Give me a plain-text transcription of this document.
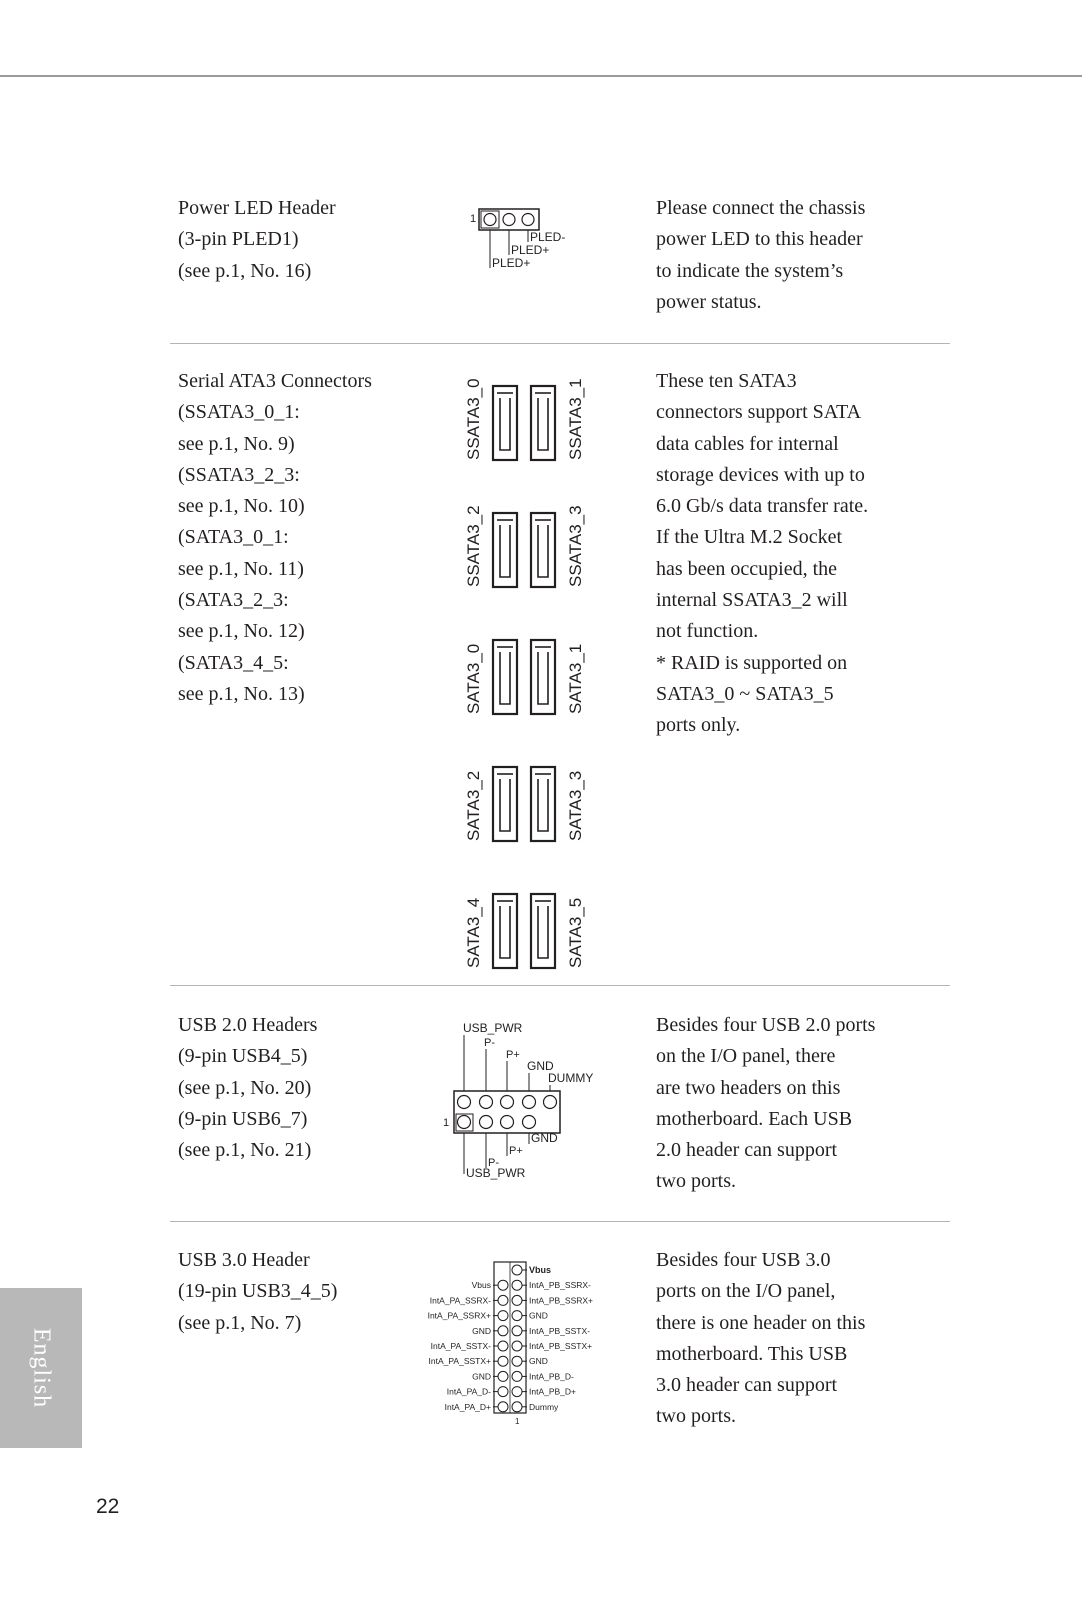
Power LED Header
(3-pin PLED1)
(see p.1, No. 16)
1
PLED-
PLED+
PLED+
Please connect the chassis
power LED to this header
to indicate the system’s
power status.
Serial ATA3 Connectors
(SSATA3_0_1:
see p.1, No. 9)
(SSATA3_2_3:
see p.1, No. 10)
(SATA3_0_1:
see p.1, No. 11)
(SATA3_2_3:
see p.1, No. 12)
(SATA3_4_5:
see p.1, No. 13)
SSATA3_0	SSATA3_1
SSATA3_2	SSATA3_3
SATA3_0	SATA3_1
SATA3_2	SATA3_3
SATA3_4	SATA3_5
These ten SATA3
connectors support SATA
data cables for internal
storage devices with up to
6.0 Gb/s data transfer rate.
If the Ultra M.2 Socket
has been occupied, the
internal SSATA3_2 will
not function.
* RAID is supported on
SATA3_0 ~ SATA3_5
ports only.
USB 2.0 Headers
(9-pin USB4_5)
(see p.1, No. 20)
(9-pin USB6_7)
(see p.1, No. 21)
USB_PWR
P-
P+
GND
DUMMY
1
GND
P+
P-
USB_PWR
Besides four USB 2.0 ports
on the I/O panel, there
are two headers on this
motherboard. Each USB
2.0 header can support
two ports.
USB 3.0 Header
(19-pin USB3_4_5)
(see p.1, No. 7)
Vbus
IntA_PB_SSRX-
IntA_PB_SSRX+
GND
IntA_PB_SSTX-
IntA_PB_SSTX+
GND
IntA_PB_D-
IntA_PB_D+
Dummy
Vbus
IntA_PA_SSRX-
IntA_PA_SSRX+
GND
IntA_PA_SSTX-
IntA_PA_SSTX+
GND
IntA_PA_D-
IntA_PA_D+
1
Besides four USB 3.0
ports on the I/O panel,
there is one header on this
motherboard. This USB
3.0 header can support
two ports.
English
22
